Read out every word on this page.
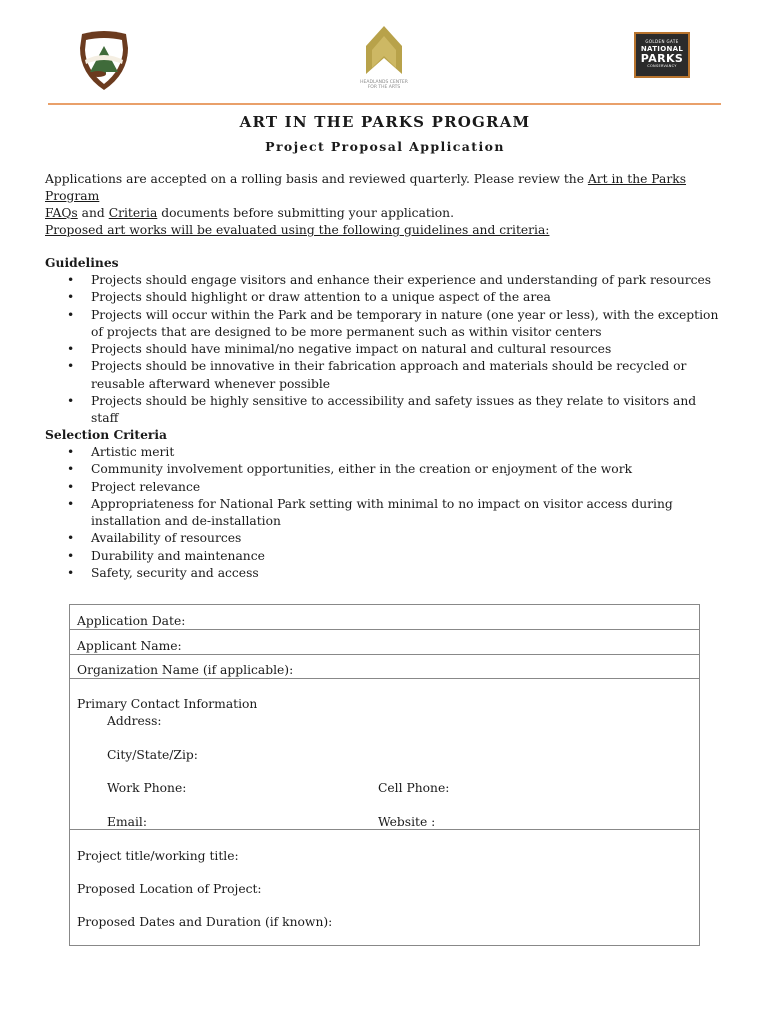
HEADLANDS CENTER FOR THE ARTS
GOLDEN GATE
NATIONAL
PARKS
CONSERVANCY
ART IN THE PARKS PROGRAM
Project Proposal Application
Applications are accepted on a rolling basis and reviewed quarterly. Please review the Art in the Parks Program
FAQs and Criteria documents before submitting your application.
Proposed art works will be evaluated using the following guidelines and criteria:
Guidelines
• Projects should engage visitors and enhance their experience and understanding of park resources
• Projects should highlight or draw attention to a unique aspect of the area
• Projects will occur within the Park and be temporary in nature (one year or less), with the exception of projects that are designed to be more permanent such as within visitor centers
• Projects should have minimal/no negative impact on natural and cultural resources
• Projects should be innovative in their fabrication approach and materials should be recycled or reusable afterward whenever possible
• Projects should be highly sensitive to accessibility and safety issues as they relate to visitors and staff
Selection Criteria
• Artistic merit
• Community involvement opportunities, either in the creation or enjoyment of the work
• Project relevance
• Appropriateness for National Park setting with minimal to no impact on visitor access during installation and de-installation
• Availability of resources
• Durability and maintenance
• Safety, security and access
Application Date:
Applicant Name:
Organization Name (if applicable):
Primary Contact Information
Address:
City/State/Zip:
Work Phone:	Cell Phone:
Email:	Website :
Project title/working title:
Proposed Location of Project:
Proposed Dates and Duration (if known):
